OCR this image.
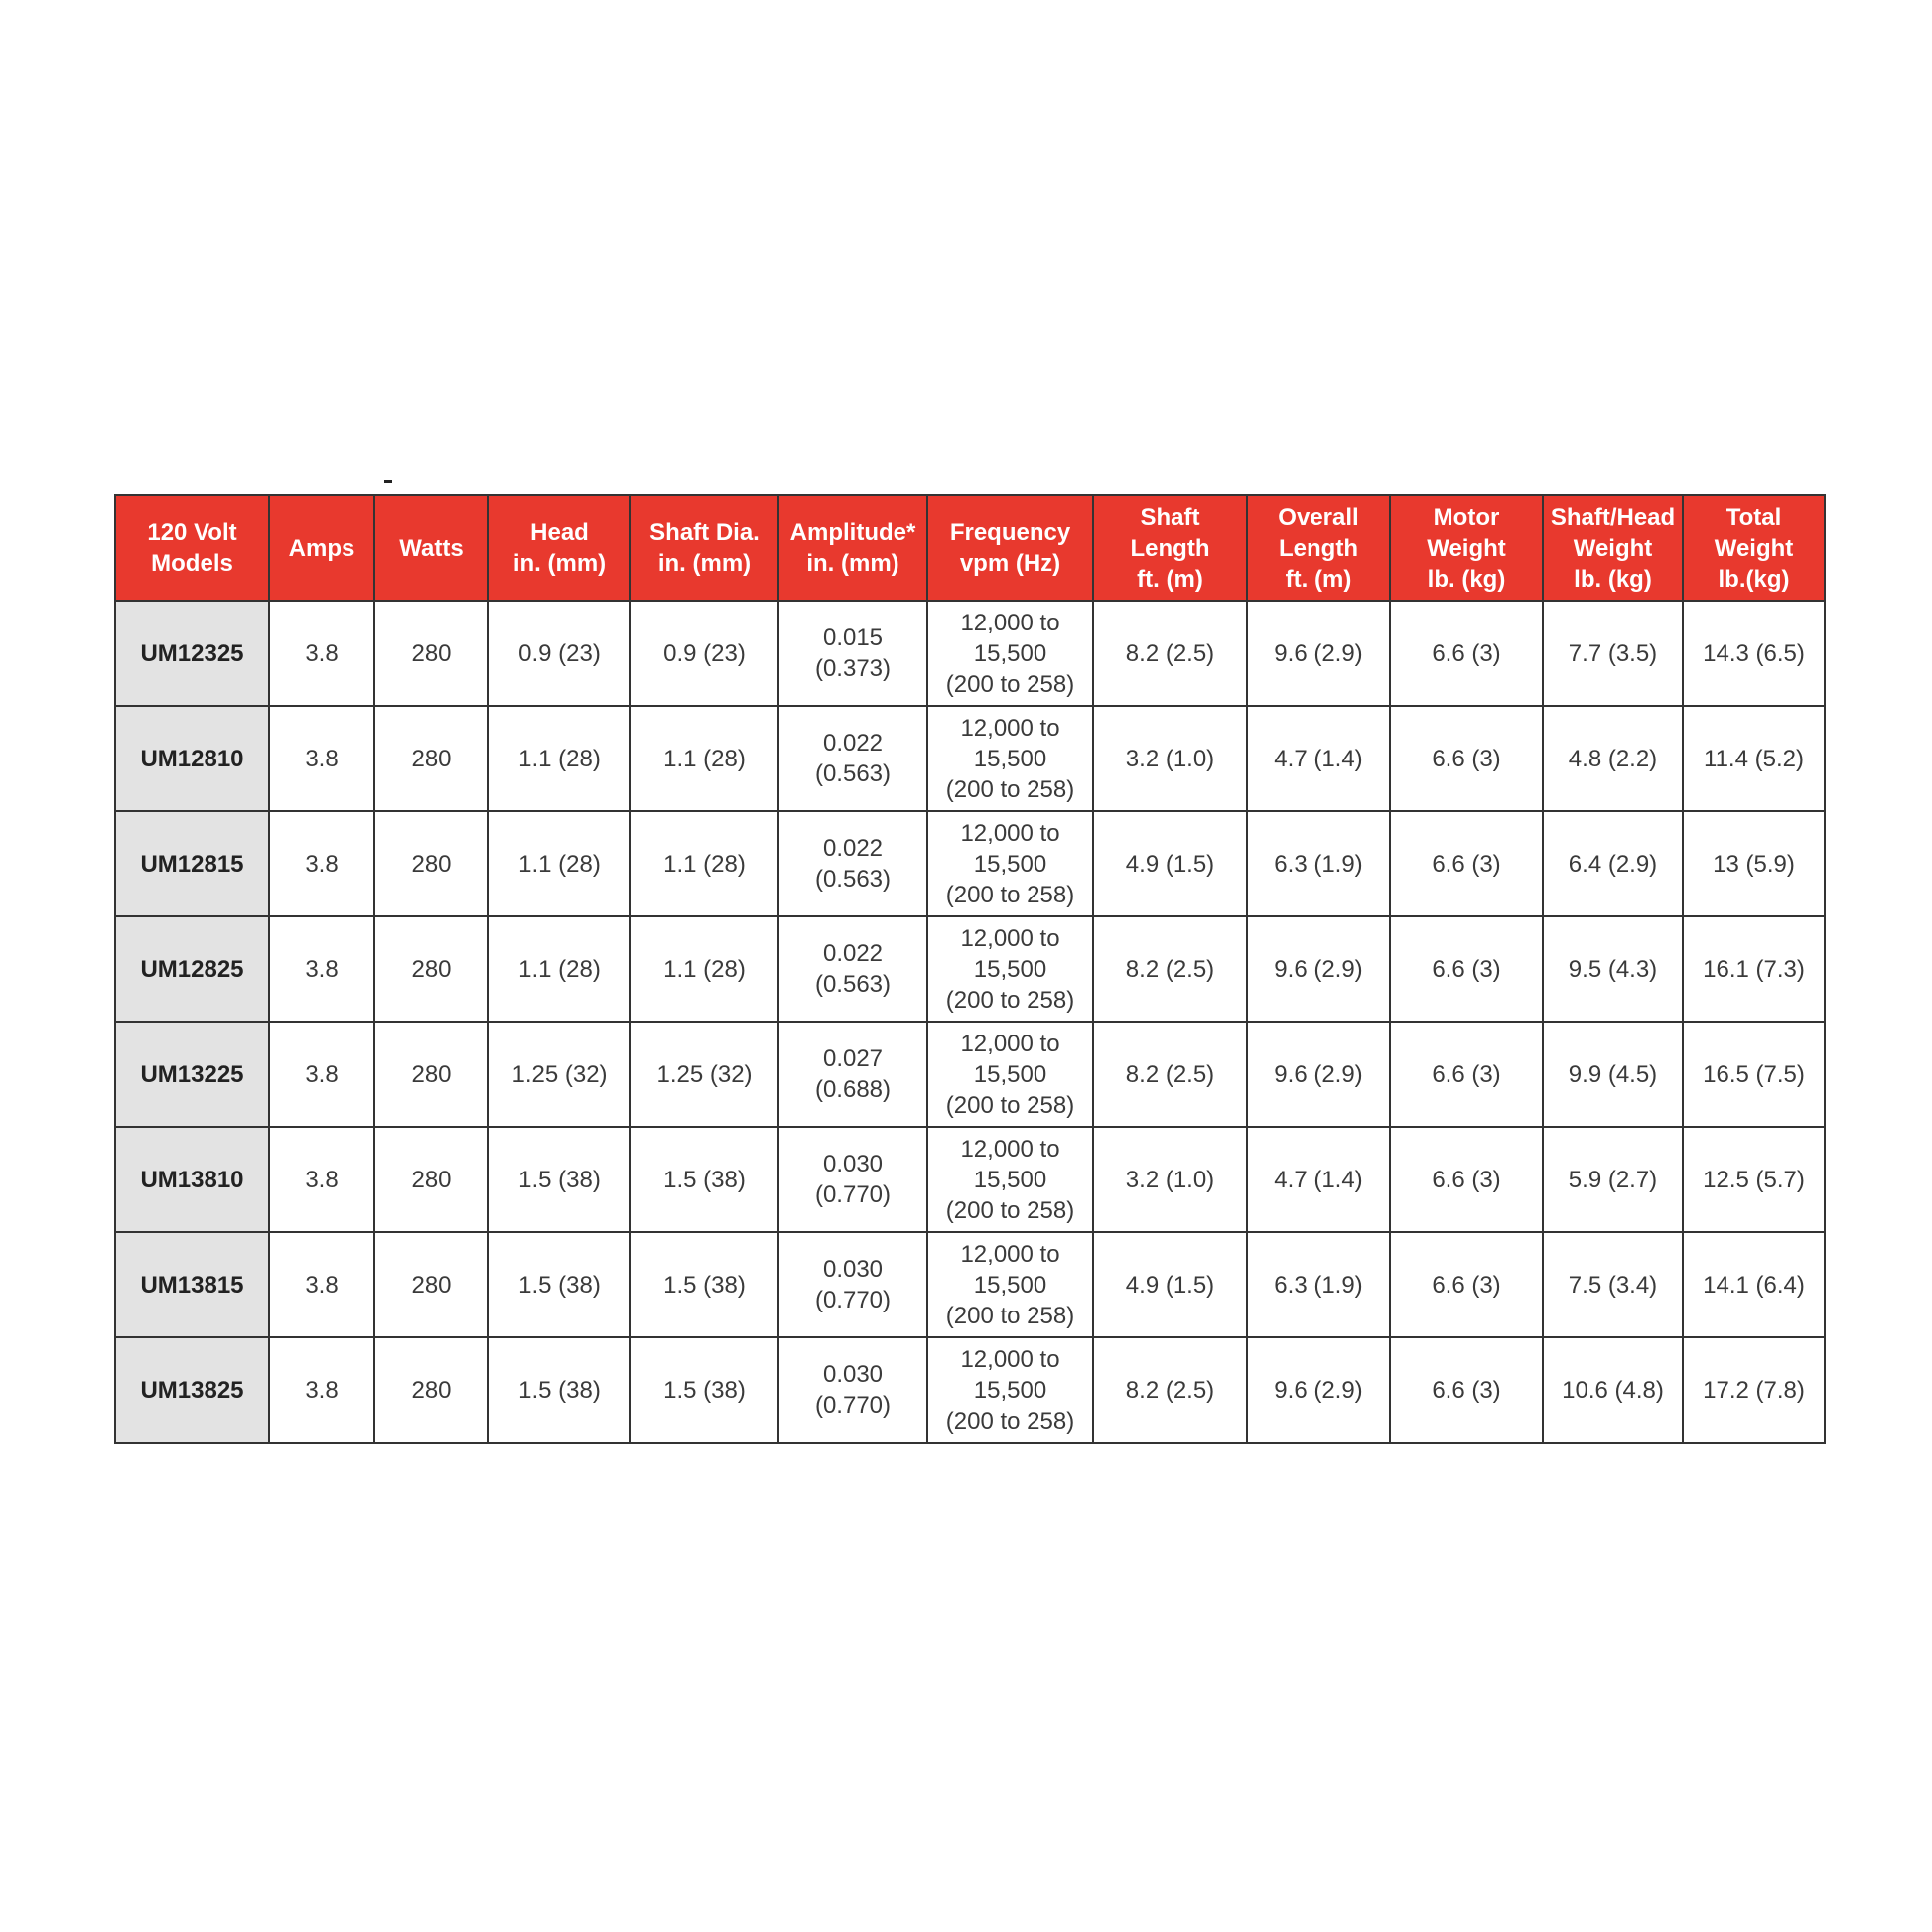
120 Volt
Models	Amps	Watts	Head
in. (mm)	Shaft Dia.
in. (mm)	Amplitude*
in. (mm)	Frequency
vpm (Hz)	Shaft
Length
ft. (m)	Overall
Length
ft. (m)	Motor
Weight
lb. (kg)	Shaft/Head
Weight
lb. (kg)	Total
Weight
lb.(kg)
UM12325	3.8	280	0.9 (23)	0.9 (23)	0.015
(0.373)	12,000 to
15,500
(200 to 258)	8.2 (2.5)	9.6 (2.9)	6.6 (3)	7.7 (3.5)	14.3 (6.5)
UM12810	3.8	280	1.1 (28)	1.1 (28)	0.022
(0.563)	12,000 to
15,500
(200 to 258)	3.2 (1.0)	4.7 (1.4)	6.6 (3)	4.8 (2.2)	11.4 (5.2)
UM12815	3.8	280	1.1 (28)	1.1 (28)	0.022
(0.563)	12,000 to
15,500
(200 to 258)	4.9 (1.5)	6.3 (1.9)	6.6 (3)	6.4 (2.9)	13 (5.9)
UM12825	3.8	280	1.1 (28)	1.1 (28)	0.022
(0.563)	12,000 to
15,500
(200 to 258)	8.2 (2.5)	9.6 (2.9)	6.6 (3)	9.5 (4.3)	16.1 (7.3)
UM13225	3.8	280	1.25 (32)	1.25 (32)	0.027
(0.688)	12,000 to
15,500
(200 to 258)	8.2 (2.5)	9.6 (2.9)	6.6 (3)	9.9 (4.5)	16.5 (7.5)
UM13810	3.8	280	1.5 (38)	1.5 (38)	0.030
(0.770)	12,000 to
15,500
(200 to 258)	3.2 (1.0)	4.7 (1.4)	6.6 (3)	5.9 (2.7)	12.5 (5.7)
UM13815	3.8	280	1.5 (38)	1.5 (38)	0.030
(0.770)	12,000 to
15,500
(200 to 258)	4.9 (1.5)	6.3 (1.9)	6.6 (3)	7.5 (3.4)	14.1 (6.4)
UM13825	3.8	280	1.5 (38)	1.5 (38)	0.030
(0.770)	12,000 to
15,500
(200 to 258)	8.2 (2.5)	9.6 (2.9)	6.6 (3)	10.6 (4.8)	17.2 (7.8)
